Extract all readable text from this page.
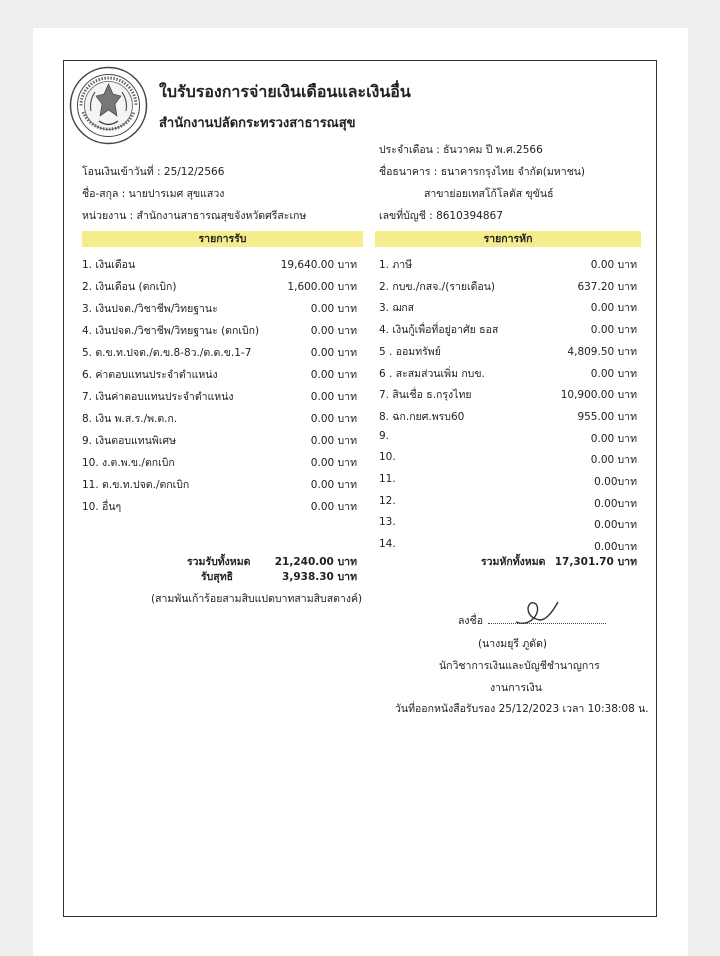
ใบรับรองการจ่ายเงินเดือนและเงินอื่น
สำนักงานปลัดกระทรวงสาธารณสุข
โอนเงินเข้าวันที่ : 25/12/2566
ชื่อ-สกุล : นายปารเมศ สุขแสวง
หน่วยงาน : สำนักงานสาธารณสุขจังหวัดศรีสะเกษ
ประจำเดือน : ธันวาคม ปี พ.ศ.2566
ชื่อธนาคาร : ธนาคารกรุงไทย จำกัด(มหาชน)
สาขาย่อยเทสโก้โลตัส ขุขันธ์
เลขที่บัญชี : 8610394867
รายการรับ	รายการหัก
1. เงินเดือน	19,640.00 บาท
2. เงินเดือน (ตกเบิก)	1,600.00 บาท
3. เงินปจต./วิชาชีพ/วิทยฐานะ	0.00 บาท
4. เงินปจต./วิชาชีพ/วิทยฐานะ (ตกเบิก)	0.00 บาท
5. ต.ข.ท.ปจต./ต.ข.8-8ว./ต.ด.ข.1-7	0.00 บาท
6. ค่าตอบแทนประจำตำแหน่ง	0.00 บาท
7. เงินค่าตอบแทนประจำตำแหน่ง	0.00 บาท
8. เงิน พ.ส.ร./พ.ต.ก.	0.00 บาท
9. เงินตอบแทนพิเศษ	0.00 บาท
10. ง.ต.พ.ข./ตกเบิก	0.00 บาท
11. ต.ข.ท.ปจต./ตกเบิก	0.00 บาท
10. อื่นๆ	0.00 บาท
1. ภาษี	0.00 บาท
2. กบข./กสจ./(รายเดือน)	637.20 บาท
3. ฌกส	0.00 บาท
4. เงินกู้เพื่อที่อยู่อาศัย ธอส	0.00 บาท
5 . ออมทรัพย์	4,809.50 บาท
6 . สะสมส่วนเพิ่ม กบข.	0.00 บาท
7. สินเชื่อ ธ.กรุงไทย	10,900.00 บาท
8. ฉก.กยศ.พรบ60	955.00 บาท
9.	0.00 บาท
10.	0.00 บาท
11.	0.00บาท
12.	0.00บาท
13.	0.00บาท
14.	0.00บาท
รวมรับทั้งหมด 21,240.00 บาท
รับสุทธิ	3,938.30 บาท
(สามพันเก้าร้อยสามสิบแปดบาทสามสิบสตางค์)
รวมหักทั้งหมด 17,301.70 บาท
ลงชื่อ
(นางมยุรี ภูดัด)
นักวิชาการเงินและบัญชีชำนาญการ
งานการเงิน
วันที่ออกหนังสือรับรอง 25/12/2023 เวลา 10:38:08 น.
